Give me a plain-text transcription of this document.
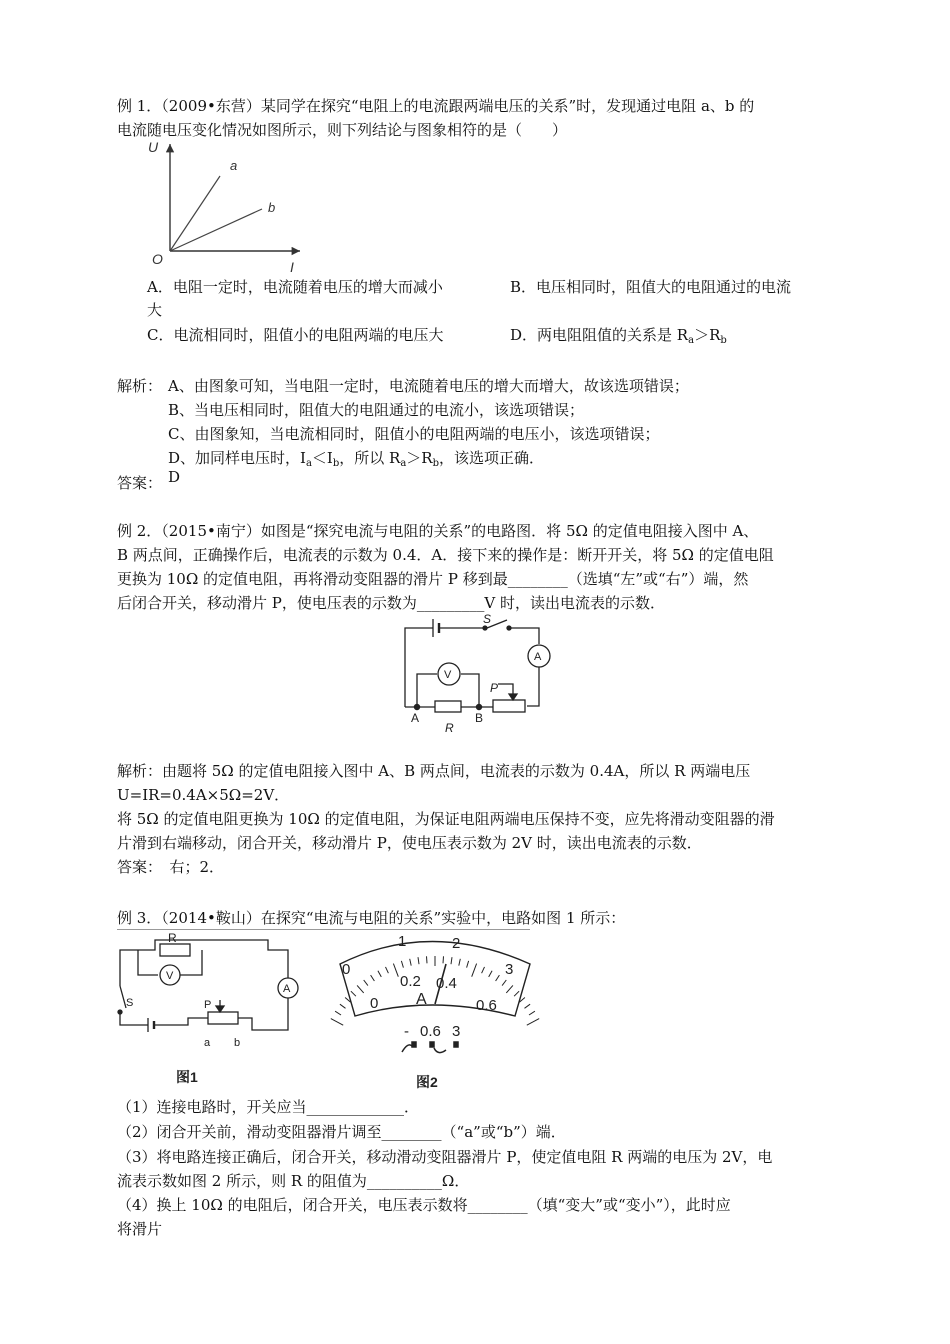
例 1．（2009•东营）某同学在探究“电阻上的电流跟两端电压的关系”时，发现通过电阻 a、b 的
电流随电压变化情况如图所示，则下列结论与图象相符的是（　　）
U
I
O
a
b
A．电阻一定时，电流随着电压的增大而减小	B．电压相同时，阻值大的电阻通过的电流
大
C．电流相同时，阻值小的电阻两端的电压大	D．两电阻阻值的关系是 $R_a>R_b$
解析： A、由图象可知，当电阻一定时，电流随着电压的增大而增大，故该选项错误；
B、当电压相同时，阻值大的电阻通过的电流小，该选项错误；
C、由图象知，当电流相同时，阻值小的电阻两端的电压小，该选项错误；
D、加同样电压时，$I_a<I_b$，所以 $R_a>R_b$，该选项正确．
答案： D
例 2．（2015•南宁）如图是“探究电流与电阻的关系”的电路图．将 5Ω 的定值电阻接入图中 A、
B 两点间，正确操作后，电流表的示数为 0.4．A．接下来的操作是：断开开关，将 5Ω 的定值电阻
更换为 10Ω 的定值电阻，再将滑动变阻器的滑片 P 移到最________（选填“左”或“右”）端，然
后闭合开关，移动滑片 P，使电压表的示数为_________V 时，读出电流表的示数．
S
A
V
P
A	B
R
解析：由题将 5Ω 的定值电阻接入图中 A、B 两点间，电流表的示数为 0.4A，所以 R 两端电压
U=IR=0.4A×5Ω=2V．
将 5Ω 的定值电阻更换为 10Ω 的定值电阻，为保证电阻两端电压保持不变，应先将滑动变阻器的滑
片滑到右端移动，闭合开关，移动滑片 P，使电压表示数为 2V 时，读出电流表的示数．
答案：　右；2．
例 3．（2014•鞍山）在探究“电流与电阻的关系”实验中，电路如图 1 所示：
R
V
A
S	P
a b
图1
1	2
3
0
0
0.2 0.4
0.6
A
- 0.6 3
图2
（1）连接电路时，开关应当_____________．
（2）闭合开关前，滑动变阻器滑片调至________（“a”或“b”）端．
（3）将电路连接正确后，闭合开关，移动滑动变阻器滑片 P，使定值电阻 R 两端的电压为 2V，电
流表示数如图 2 所示，则 R 的阻值为__________Ω．
（4）换上 10Ω 的电阻后，闭合开关，电压表示数将________（填“变大”或“变小”），此时应
将滑片
